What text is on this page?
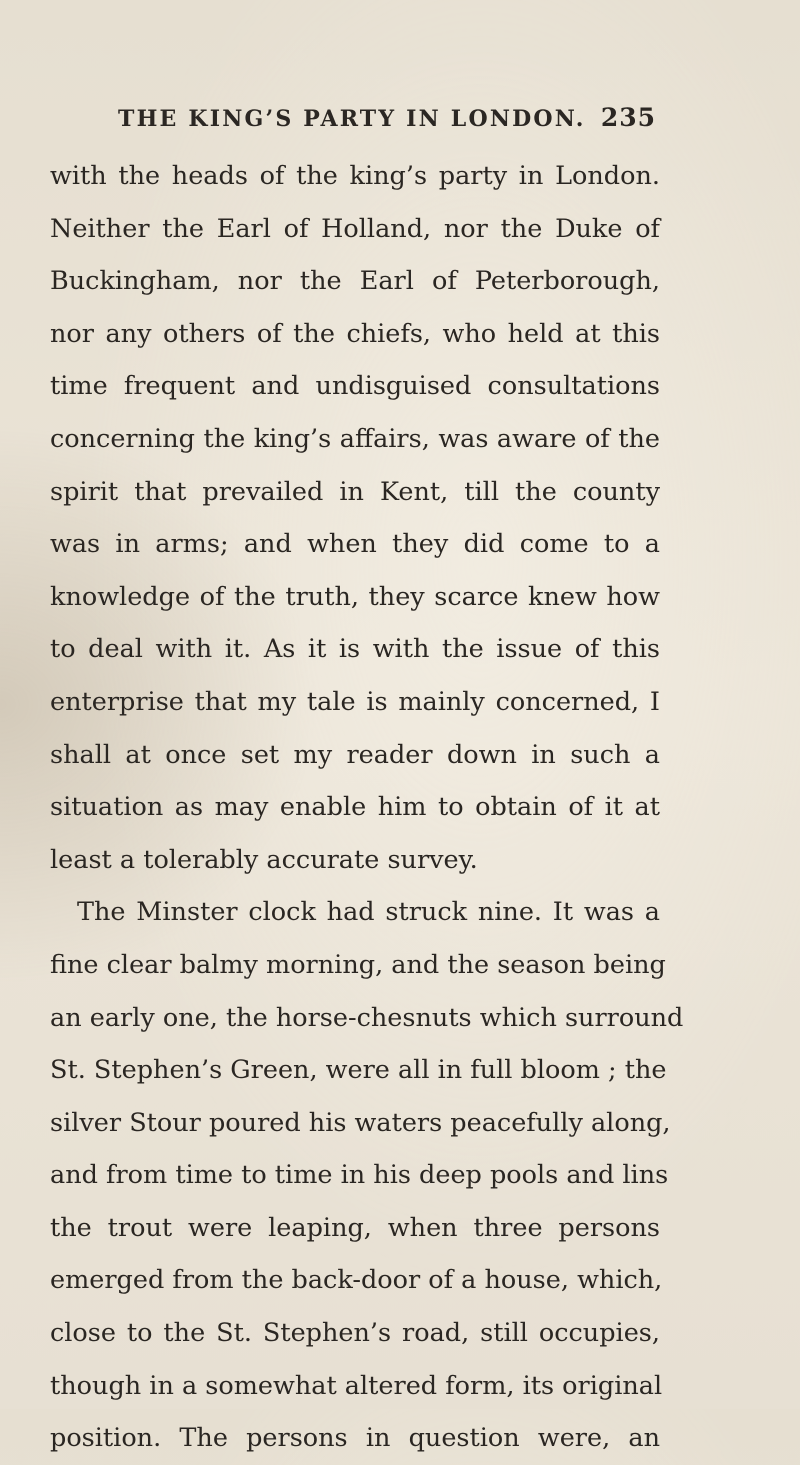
THE KING’S PARTY IN LONDON. 235
with the heads of the king’s party in London.
Neither the Earl of Holland, nor the Duke of
Buckingham, nor the Earl of Peterborough,
nor any others of the chiefs, who held at this
time frequent and undisguised consultations
concerning the king’s affairs, was aware of the
spirit that prevailed in Kent, till the county
was in arms; and when they did come to a
knowledge of the truth, they scarce knew how
to deal with it. As it is with the issue of this
enterprise that my tale is mainly concerned, I
shall at once set my reader down in such a
situation as may enable him to obtain of it at
least a tolerably accurate survey.
The Minster clock had struck nine. It was a
fine clear balmy morning, and the season being
an early one, the horse-chesnuts which surround
St. Stephen’s Green, were all in full bloom ; the
silver Stour poured his waters peacefully along,
and from time to time in his deep pools and lins
the trout were leaping, when three persons
emerged from the back-door of a house, which,
close to the St. Stephen’s road, still occupies,
though in a somewhat altered form, its original
position. The persons in question were, an
